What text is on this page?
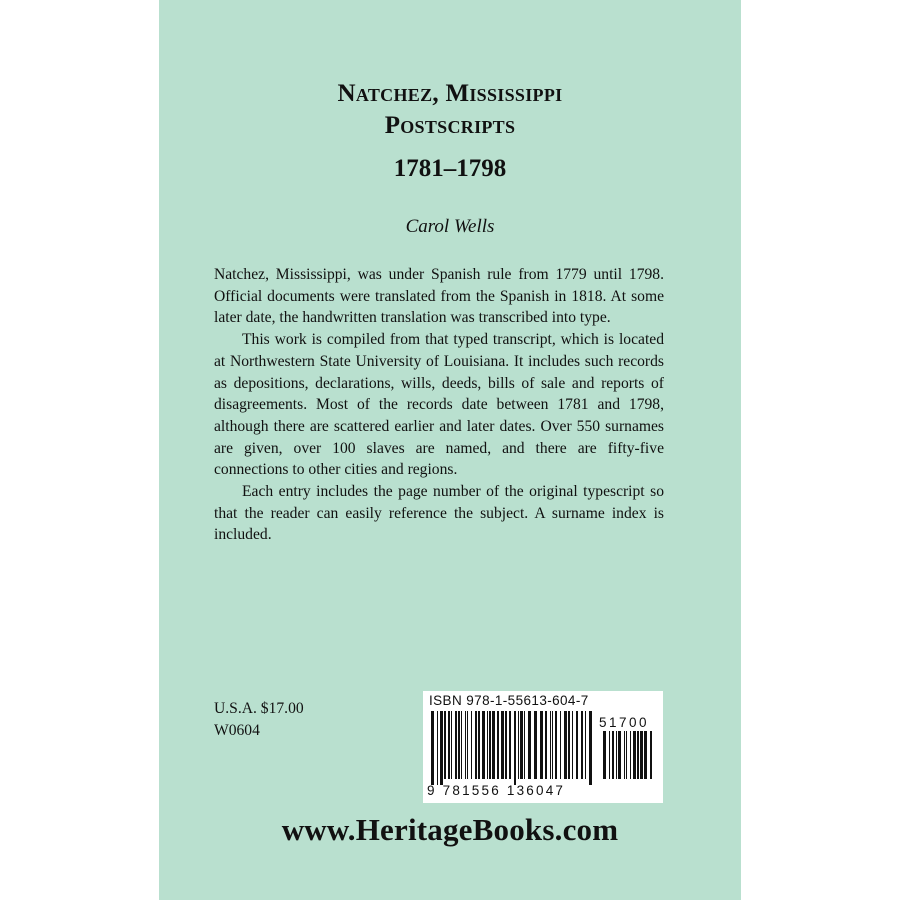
Natchez, Mississippi
Postscripts
1781–1798
Carol Wells

Natchez, Mississippi, was under Spanish rule from 1779 until 1798. Official documents were translated from the Spanish in 1818. At some later date, the handwritten translation was transcribed into type.

This work is compiled from that typed transcript, which is located at Northwestern State University of Louisiana. It includes such records as depositions, declarations, wills, deeds, bills of sale and reports of disagreements. Most of the records date between 1781 and 1798, although there are scattered earlier and later dates. Over 550 surnames are given, over 100 slaves are named, and there are fifty-five connections to other cities and regions.

Each entry includes the page number of the original typescript so that the reader can easily reference the subject. A surname index is included.

U.S.A. $17.00
W0604
ISBN 978-1-55613-604-7
51700
9 781556 136047
www.HeritageBooks.com
